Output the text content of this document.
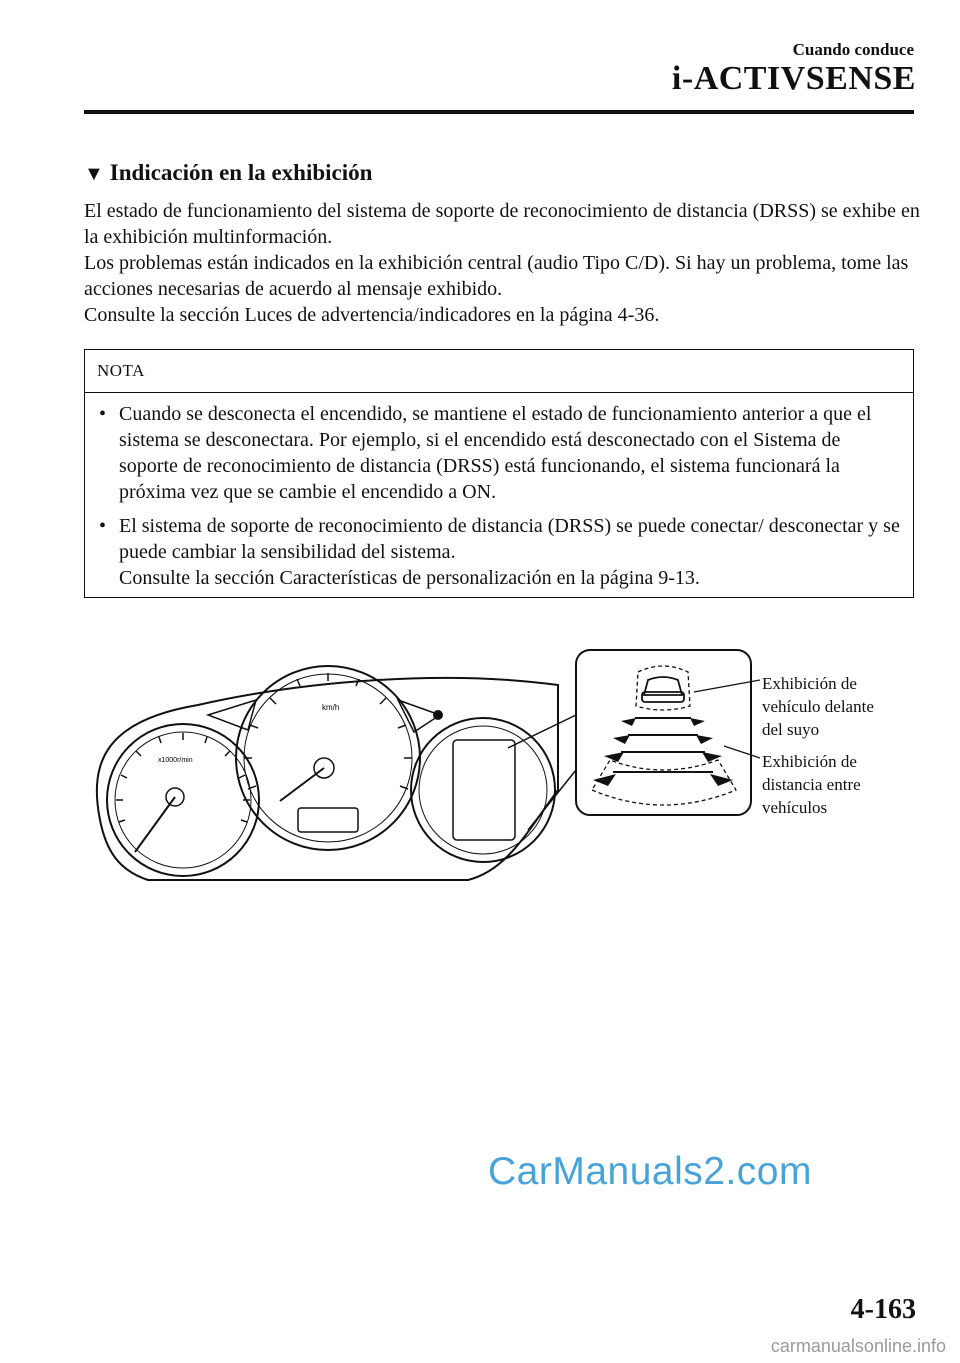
Cuando conduce
i-ACTIVSENSE
▼ Indicación en la exhibición

El estado de funcionamiento del sistema de soporte de reconocimiento de distancia (DRSS) se exhibe en la exhibición multinformación.

Los problemas están indicados en la exhibición central (audio Tipo C/D). Si hay un problema, tome las acciones necesarias de acuerdo al mensaje exhibido.

Consulte la sección Luces de advertencia/indicadores en la página 4-36.

NOTA
• Cuando se desconecta el encendido, se mantiene el estado de funcionamiento anterior a que el sistema se desconectara. Por ejemplo, si el encendido está desconectado con el Sistema de soporte de reconocimiento de distancia (DRSS) está funcionando, el sistema funcionará la próxima vez que se cambie el encendido a ON.
• El sistema de soporte de reconocimiento de distancia (DRSS) se puede conectar/ desconectar y se puede cambiar la sensibilidad del sistema.
Consulte la sección Características de personalización en la página 9-13.
x1000r/min
km/h

Exhibición de

vehículo delante

del suyo

Exhibición de

distancia entre

vehículos

CarManuals2.com
4-163
carmanualsonline.info
